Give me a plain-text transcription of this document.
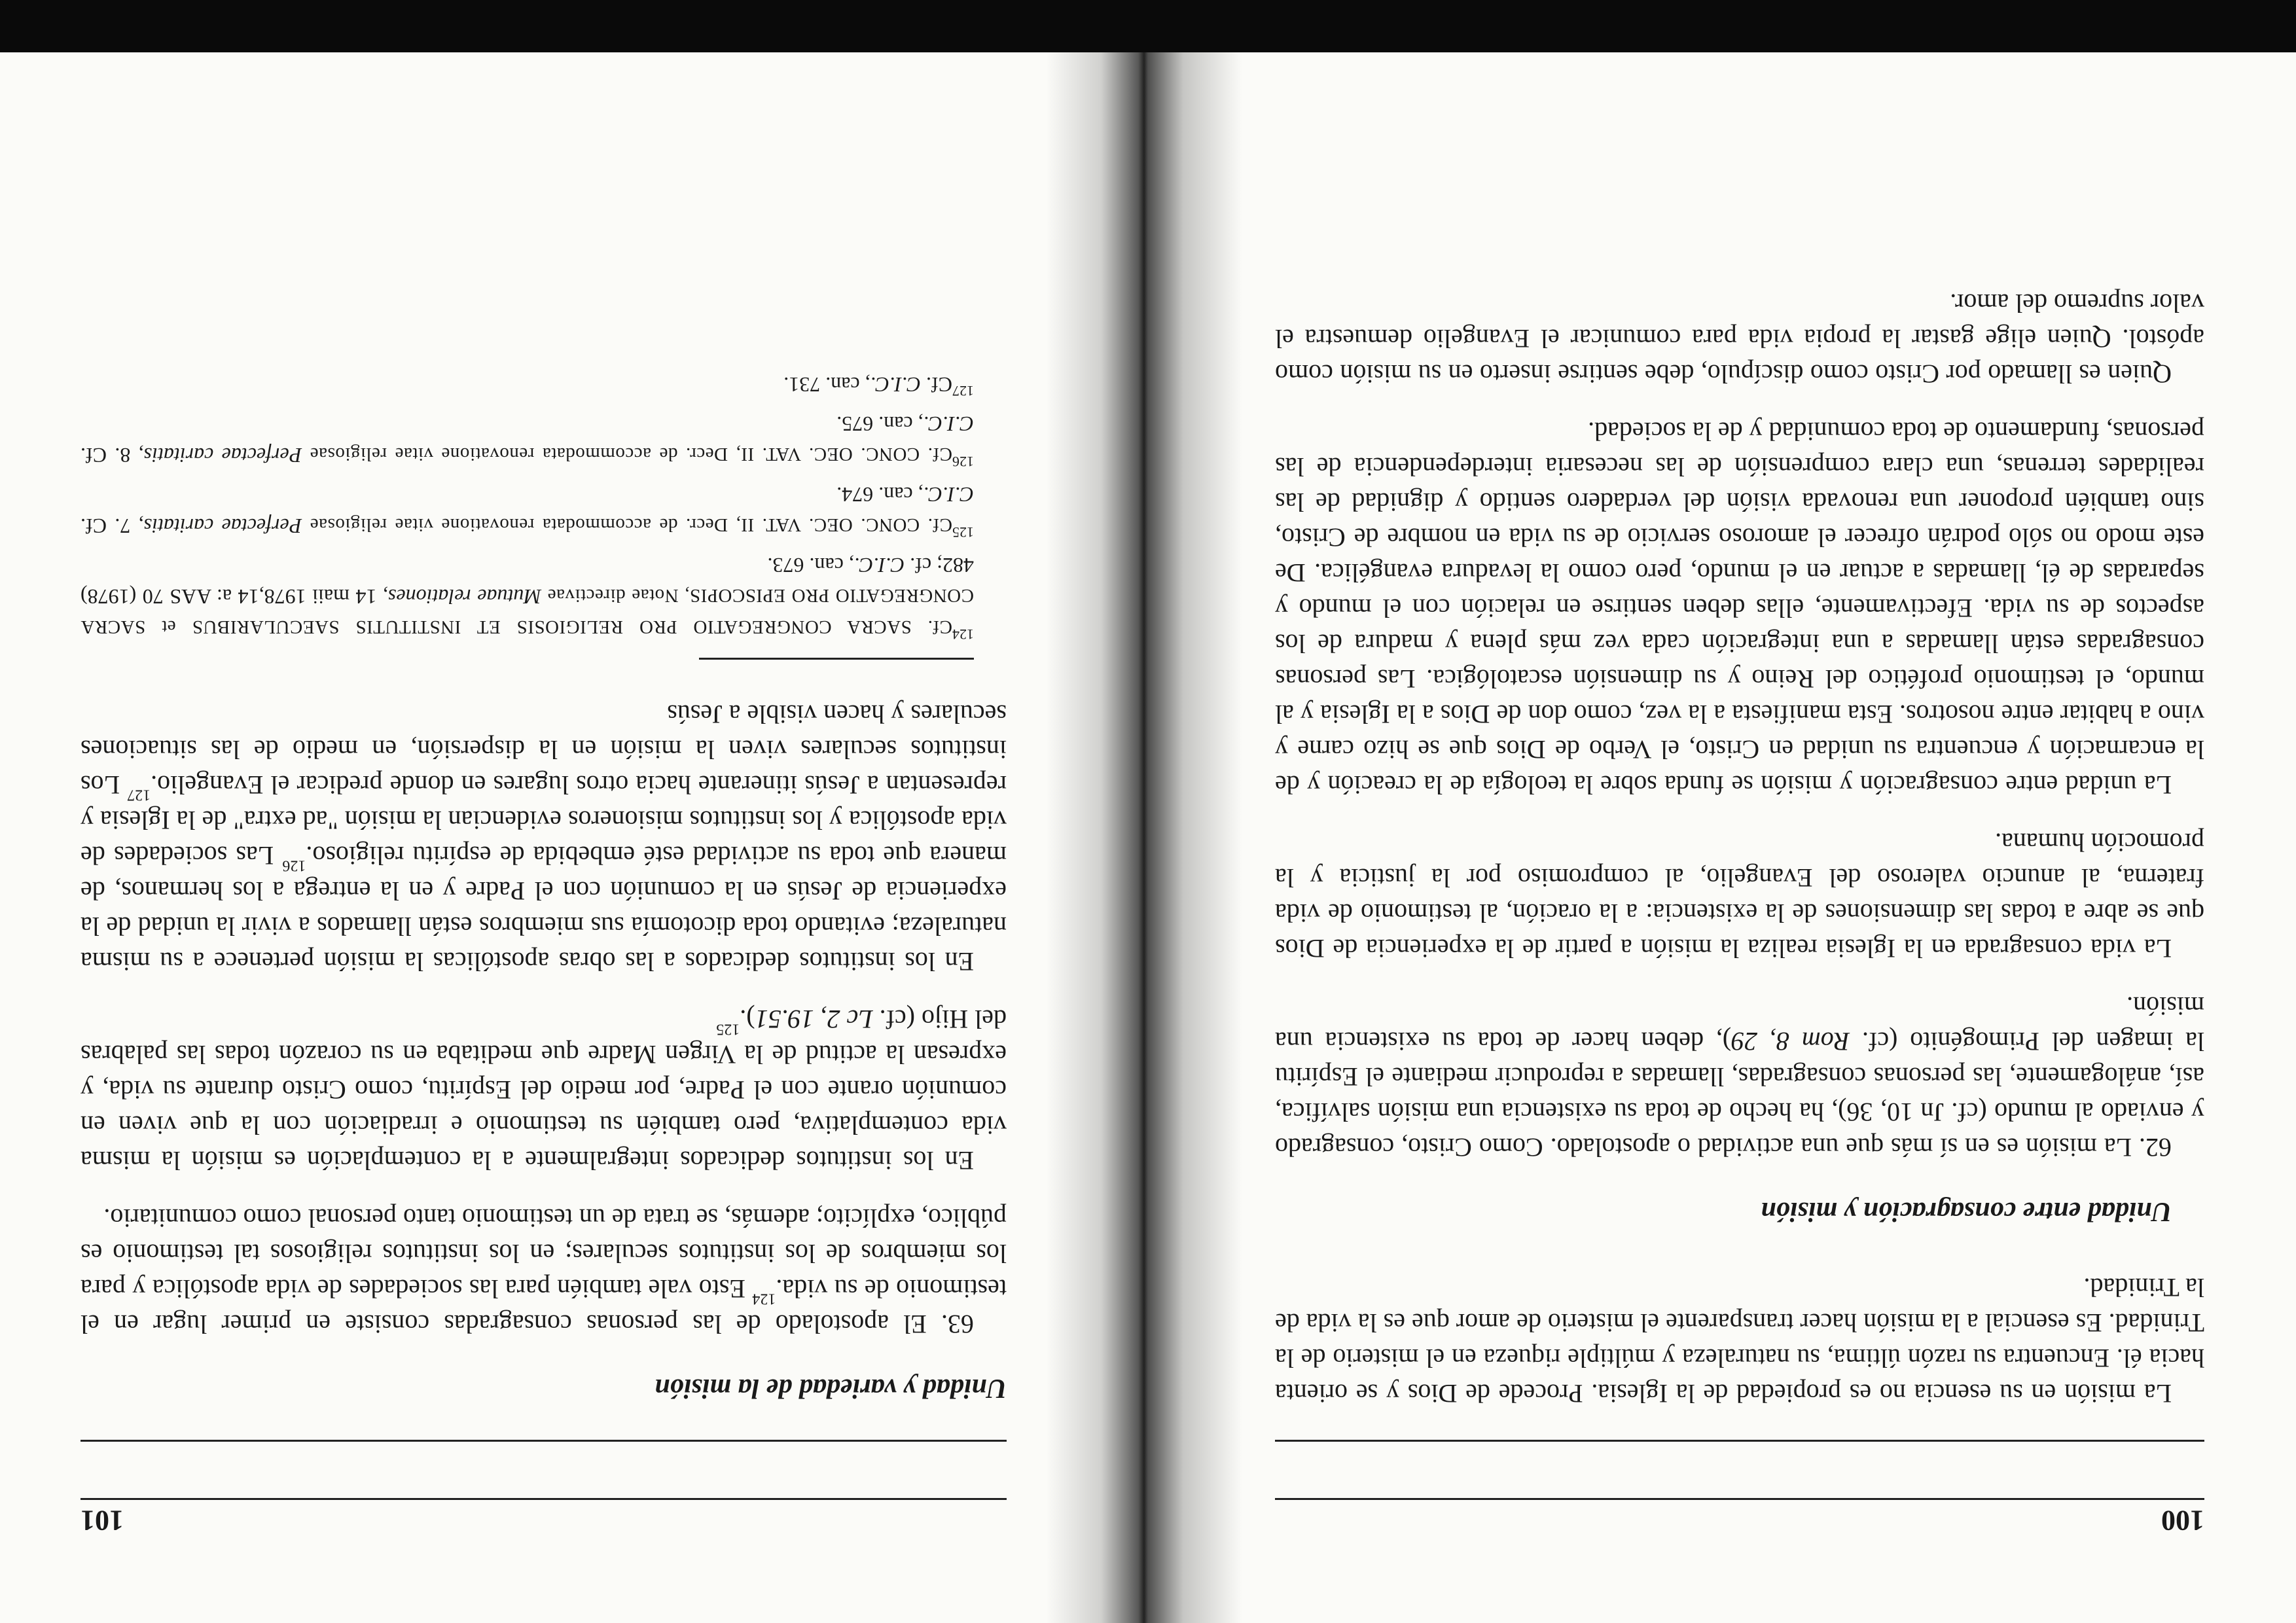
100

La misión en su esencia no es propiedad de la Iglesia. Procede de Dios y se orienta hacia él. Encuentra su razón última, su naturaleza y múltiple riqueza en el misterio de la Trinidad. Es esencial a la misión hacer transparente el misterio de amor que es la vida de la Trinidad.

Unidad entre consagración y misión

62. La misión es en sí más que una actividad o apostolado. Como Cristo, consagrado y enviado al mundo (cf. Jn 10, 36), ha hecho de toda su existencia una misión salvífica, así, análogamente, las personas consagradas, llamadas a reproducir mediante el Espíritu la imagen del Primogénito (cf. Rom 8, 29), deben hacer de toda su existencia una misión.

La vida consagrada en la Iglesia realiza la misión a partir de la experiencia de Dios que se abre a todas las dimensiones de la existencia: a la oración, al testimonio de vida fraterna, al anuncio valeroso del Evangelio, al compromiso por la justicia y la promoción humana.

La unidad entre consagración y misión se funda sobre la teología de la creación y de la encarnación y encuentra su unidad en Cristo, el Verbo de Dios que se hizo carne y vino a habitar entre nosotros. Esta manifiesta a la vez, como don de Dios a la Iglesia y al mundo, el testimonio profético del Reino y su dimensión escatológica. Las personas consagradas están llamadas a una integración cada vez más plena y madura de los aspectos de su vida. Efectivamente, ellas deben sentirse en relación con el mundo y separadas de él, llamadas a actuar en el mundo, pero como la levadura evangélica. De este modo no sólo podrán ofrecer el amoroso servicio de su vida en nombre de Cristo, sino también proponer una renovada visión del verdadero sentido y dignidad de las realidades terrenas, una clara comprensión de las necesaria interdependencia de las personas, fundamento de toda comunidad y de la sociedad.

Quien es llamado por Cristo como discípulo, debe sentirse inserto en su misión como apóstol. Quien elige gastar la propia vida para comunicar el Evangelio demuestra el valor supremo del amor.

101

Unidad y variedad de la misión

63. El apostolado de las personas consagradas consiste en primer lugar en el testimonio de su vida.$^{124}$ Esto vale también para las sociedades de vida apostólica y para los miembros de los institutos seculares; en los institutos religiosos tal testimonio es público, explícito; además, se trata de un testimonio tanto personal como comunitario.

En los institutos dedicados integralmente a la contemplación es misión la misma vida contemplativa, pero también su testimonio e irradiación con la que viven en comunión orante con el Padre, por medio del Espíritu, como Cristo durante su vida, y expresan la actitud de la Virgen Madre que meditaba en su corazón todas las palabras del Hijo (cf. Lc 2, 19.51).$^{125}$

En los institutos dedicados a las obras apostólicas la misión pertenece a su misma naturaleza; evitando toda dicotomía sus miembros están llamados a vivir la unidad de la experiencia de Jesús en la comunión con el Padre y en la entrega a los hermanos, de manera que toda su actividad esté embebida de espíritu religioso.$^{126}$ Las sociedades de vida apostólica y los institutos misioneros evidencian la misión "ad extra" de la Iglesia y representan a Jesús itinerante hacia otros lugares en donde predicar el Evangelio.$^{127}$ Los institutos seculares viven la misión en la dispersión, en medio de las situaciones seculares y hacen visible a Jesús

$^{124}$Cf. SACRA CONGREGATIO PRO RELIGIOSIS ET INSTITUTIS SAECULARIBUS et SACRA CONGREGATIO PRO EPISCOPIS, Notae directivae Mutuae relationes, 14 maii 1978,14 a: AAS 70 (1978) 482; cf. C.I.C., can. 673.

$^{125}$Cf. CONC. OEC. VAT. II, Decr. de accommodata renovatione vitae religiosae Perfectae caritatis, 7. Cf. C.I.C., can. 674.

$^{126}$Cf. CONC. OEC. VAT. II, Decr. de accommodata renovatione vitae religiosae Perfectae caritatis, 8. Cf. C.I.C., can. 675.

$^{127}$Cf. C.I.C., can. 731.
